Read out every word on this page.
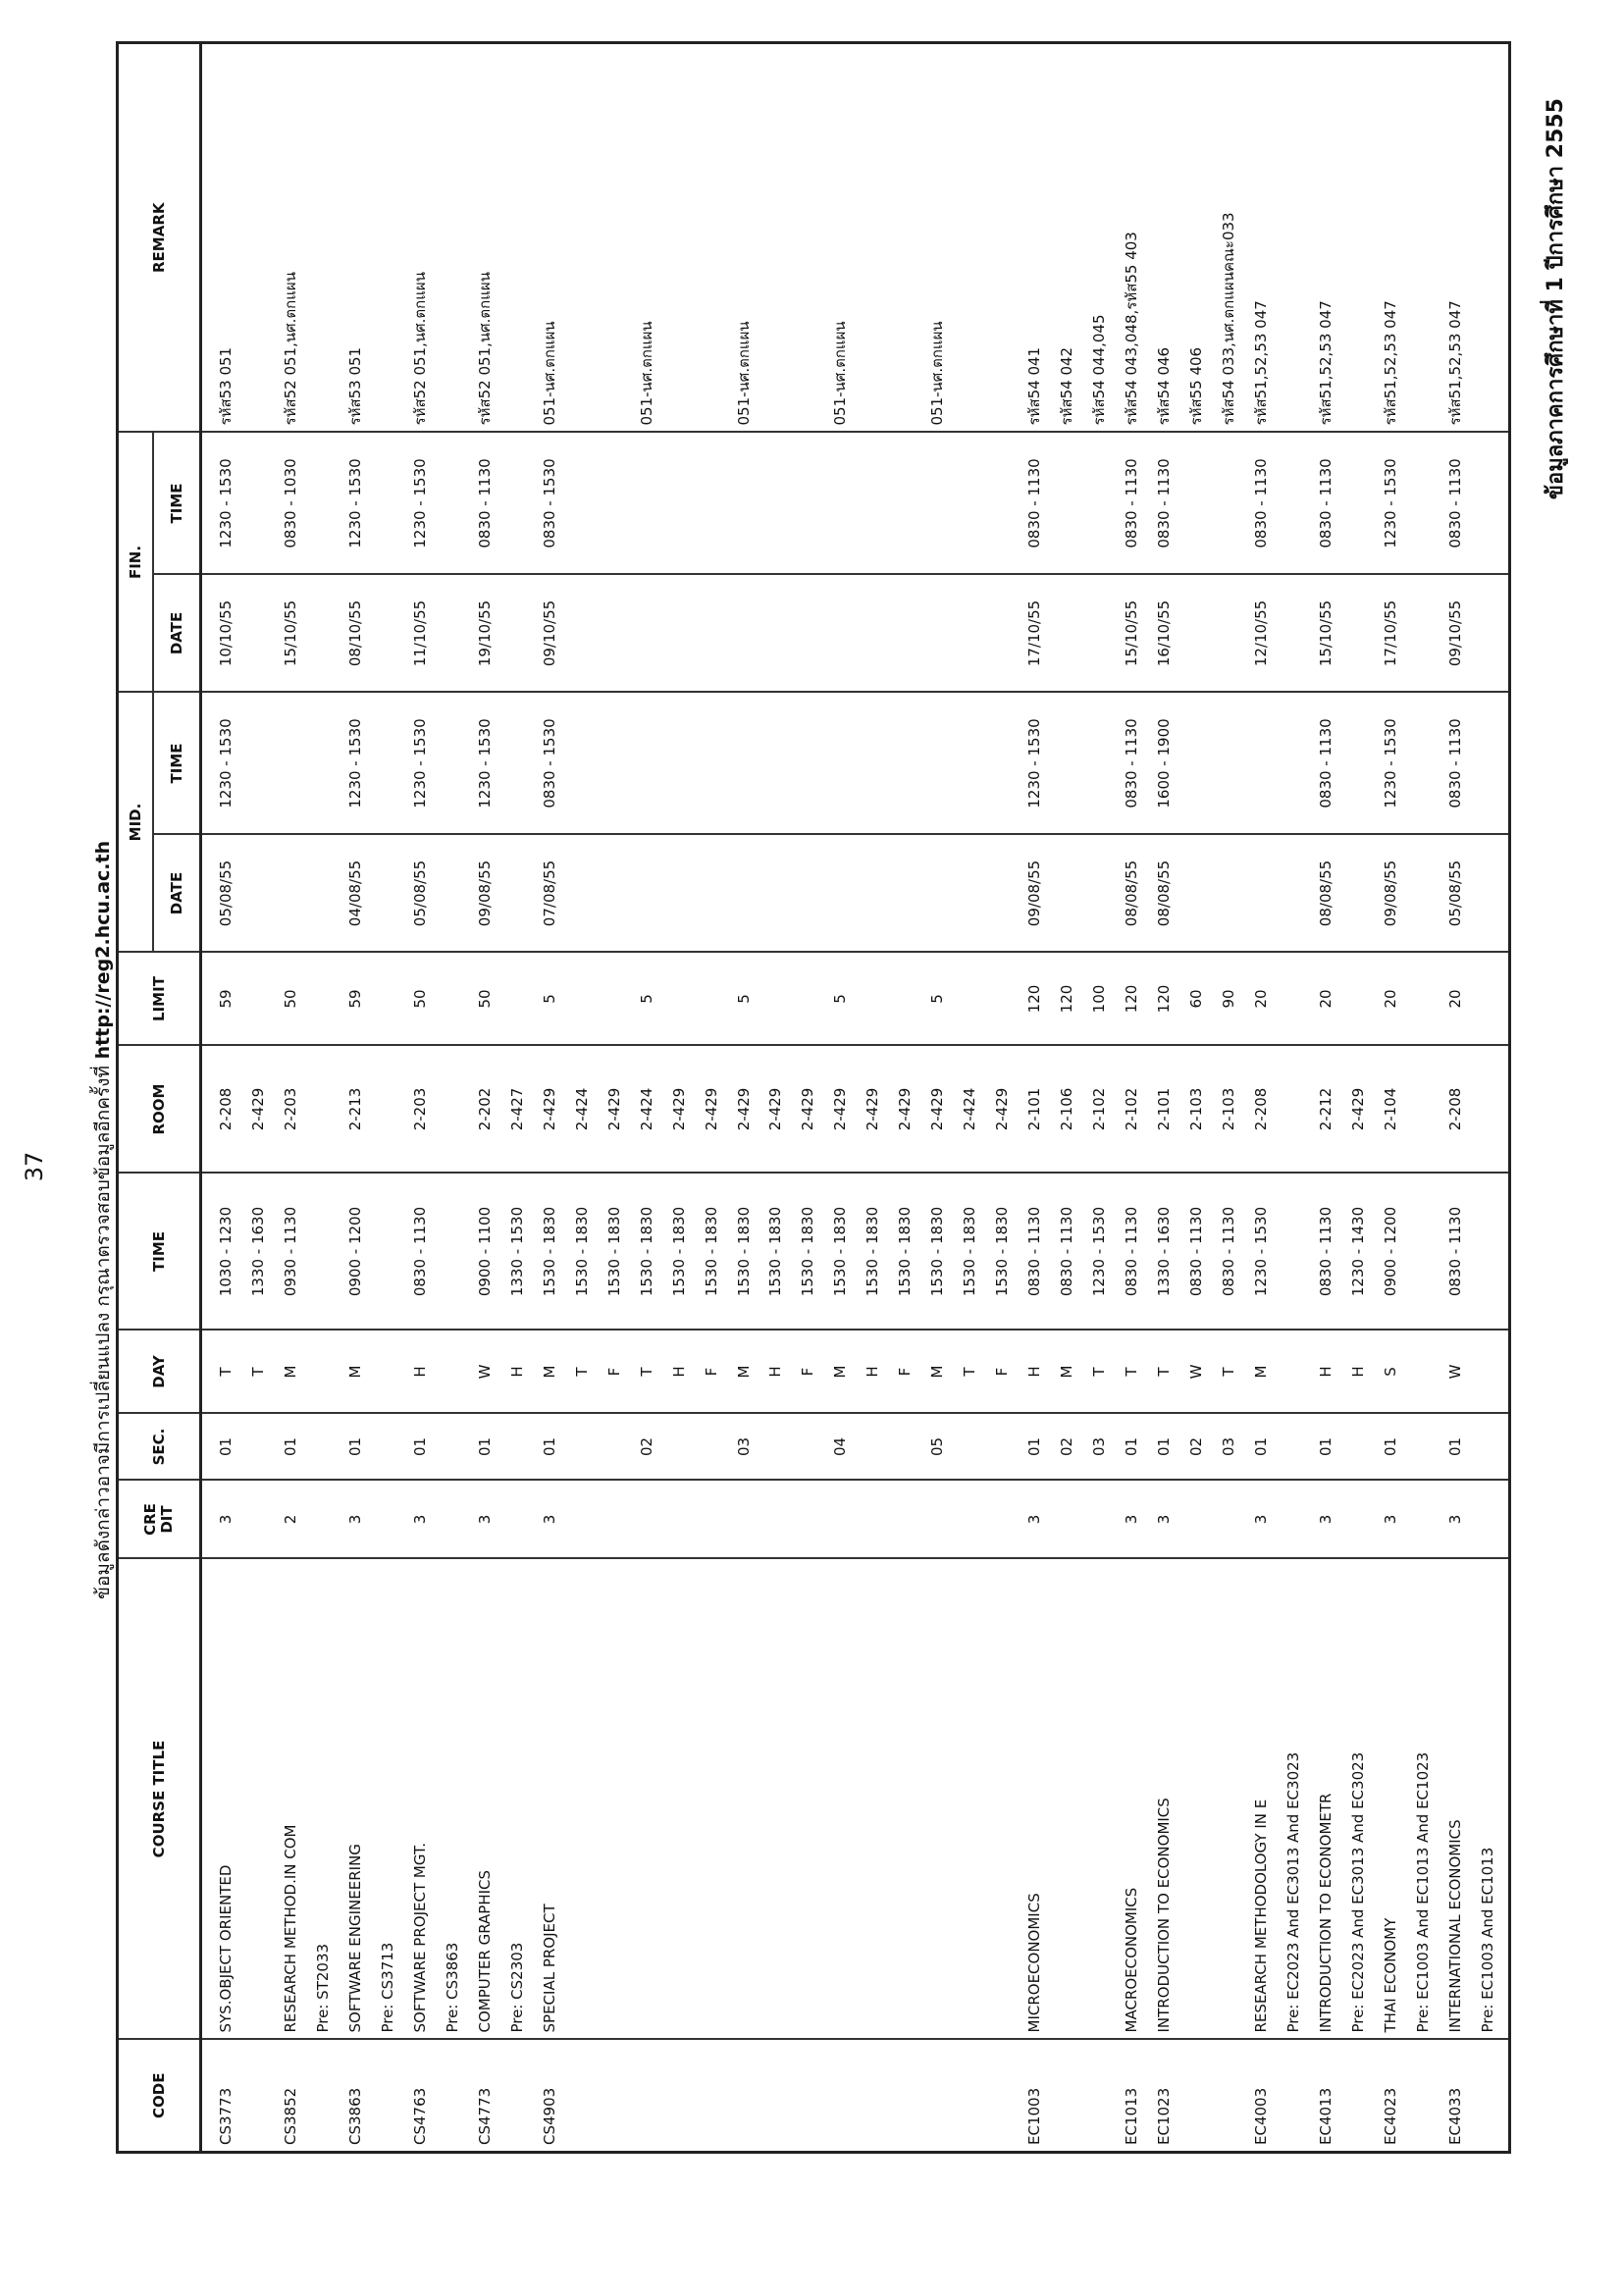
37
ข้อมูลภาคการศึกษาที่ 1 ปีการศึกษา 2555
CODE	COURSE TITLE	CRE
DIT	SEC.	DAY	TIME	ROOM	LIMIT	MID.		FIN.		REMARK
								DATE	TIME	DATE	TIME	

CS3773	SYS.OBJECT ORIENTED	3	01	T	1030 - 1230	2-208	59	05/08/55	1230 - 1530	10/10/55	1230 - 1530	รหัส53 051
				T	1330 - 1630	2-429						
CS3852	RESEARCH METHOD.IN COM	2	01	M	0930 - 1130	2-203	50			15/10/55	0830 - 1030	รหัส52 051,นศ.ตกแผน
	Pre: ST2033											
CS3863	SOFTWARE ENGINEERING	3	01	M	0900 - 1200	2-213	59	04/08/55	1230 - 1530	08/10/55	1230 - 1530	รหัส53 051
	Pre: CS3713											
CS4763	SOFTWARE PROJECT MGT.	3	01	H	0830 - 1130	2-203	50	05/08/55	1230 - 1530	11/10/55	1230 - 1530	รหัส52 051,นศ.ตกแผน
	Pre: CS3863											
CS4773	COMPUTER GRAPHICS	3	01	W	0900 - 1100	2-202	50	09/08/55	1230 - 1530	19/10/55	0830 - 1130	รหัส52 051,นศ.ตกแผน
	Pre: CS2303			H	1330 - 1530	2-427						
CS4903	SPECIAL PROJECT	3	01	M	1530 - 1830	2-429	5	07/08/55	0830 - 1530	09/10/55	0830 - 1530	051-นศ.ตกแผน
				T	1530 - 1830	2-424						
				F	1530 - 1830	2-429						
			02	T	1530 - 1830	2-424	5					051-นศ.ตกแผน
				H	1530 - 1830	2-429						
				F	1530 - 1830	2-429						
			03	M	1530 - 1830	2-429	5					051-นศ.ตกแผน
				H	1530 - 1830	2-429						
				F	1530 - 1830	2-429						
			04	M	1530 - 1830	2-429	5					051-นศ.ตกแผน
				H	1530 - 1830	2-429						
				F	1530 - 1830	2-429						
			05	M	1530 - 1830	2-429	5					051-นศ.ตกแผน
				T	1530 - 1830	2-424						
				F	1530 - 1830	2-429						
EC1003	MICROECONOMICS	3	01	H	0830 - 1130	2-101	120	09/08/55	1230 - 1530	17/10/55	0830 - 1130	รหัส54 041
			02	M	0830 - 1130	2-106	120					รหัส54 042
			03	T	1230 - 1530	2-102	100					รหัส54 044,045
EC1013	MACROECONOMICS	3	01	T	0830 - 1130	2-102	120	08/08/55	0830 - 1130	15/10/55	0830 - 1130	รหัส54 043,048,รหัส55 403
EC1023	INTRODUCTION TO ECONOMICS	3	01	T	1330 - 1630	2-101	120	08/08/55	1600 - 1900	16/10/55	0830 - 1130	รหัส54 046
			02	W	0830 - 1130	2-103	60					รหัส55 406
			03	T	0830 - 1130	2-103	90					รหัส54 033,นศ.ตกแผนคณะ033
EC4003	RESEARCH METHODOLOGY IN E	3	01	M	1230 - 1530	2-208	20			12/10/55	0830 - 1130	รหัส51,52,53 047
	Pre: EC2023 And EC3013 And EC3023											
EC4013	INTRODUCTION TO ECONOMETR	3	01	H	0830 - 1130	2-212	20	08/08/55	0830 - 1130	15/10/55	0830 - 1130	รหัส51,52,53 047
	Pre: EC2023 And EC3013 And EC3023			H	1230 - 1430	2-429						
EC4023	THAI ECONOMY	3	01	S	0900 - 1200	2-104	20	09/08/55	1230 - 1530	17/10/55	1230 - 1530	รหัส51,52,53 047
	Pre: EC1003 And EC1013 And EC1023											
EC4033	INTERNATIONAL ECONOMICS	3	01	W	0830 - 1130	2-208	20	05/08/55	0830 - 1130	09/10/55	0830 - 1130	รหัส51,52,53 047
	Pre: EC1003 And EC1013											

ข้อมูลดังกล่าวอาจมีการเปลี่ยนแปลง กรุณาตรวจสอบข้อมูลอีกครั้งที่ http://reg2.hcu.ac.th
